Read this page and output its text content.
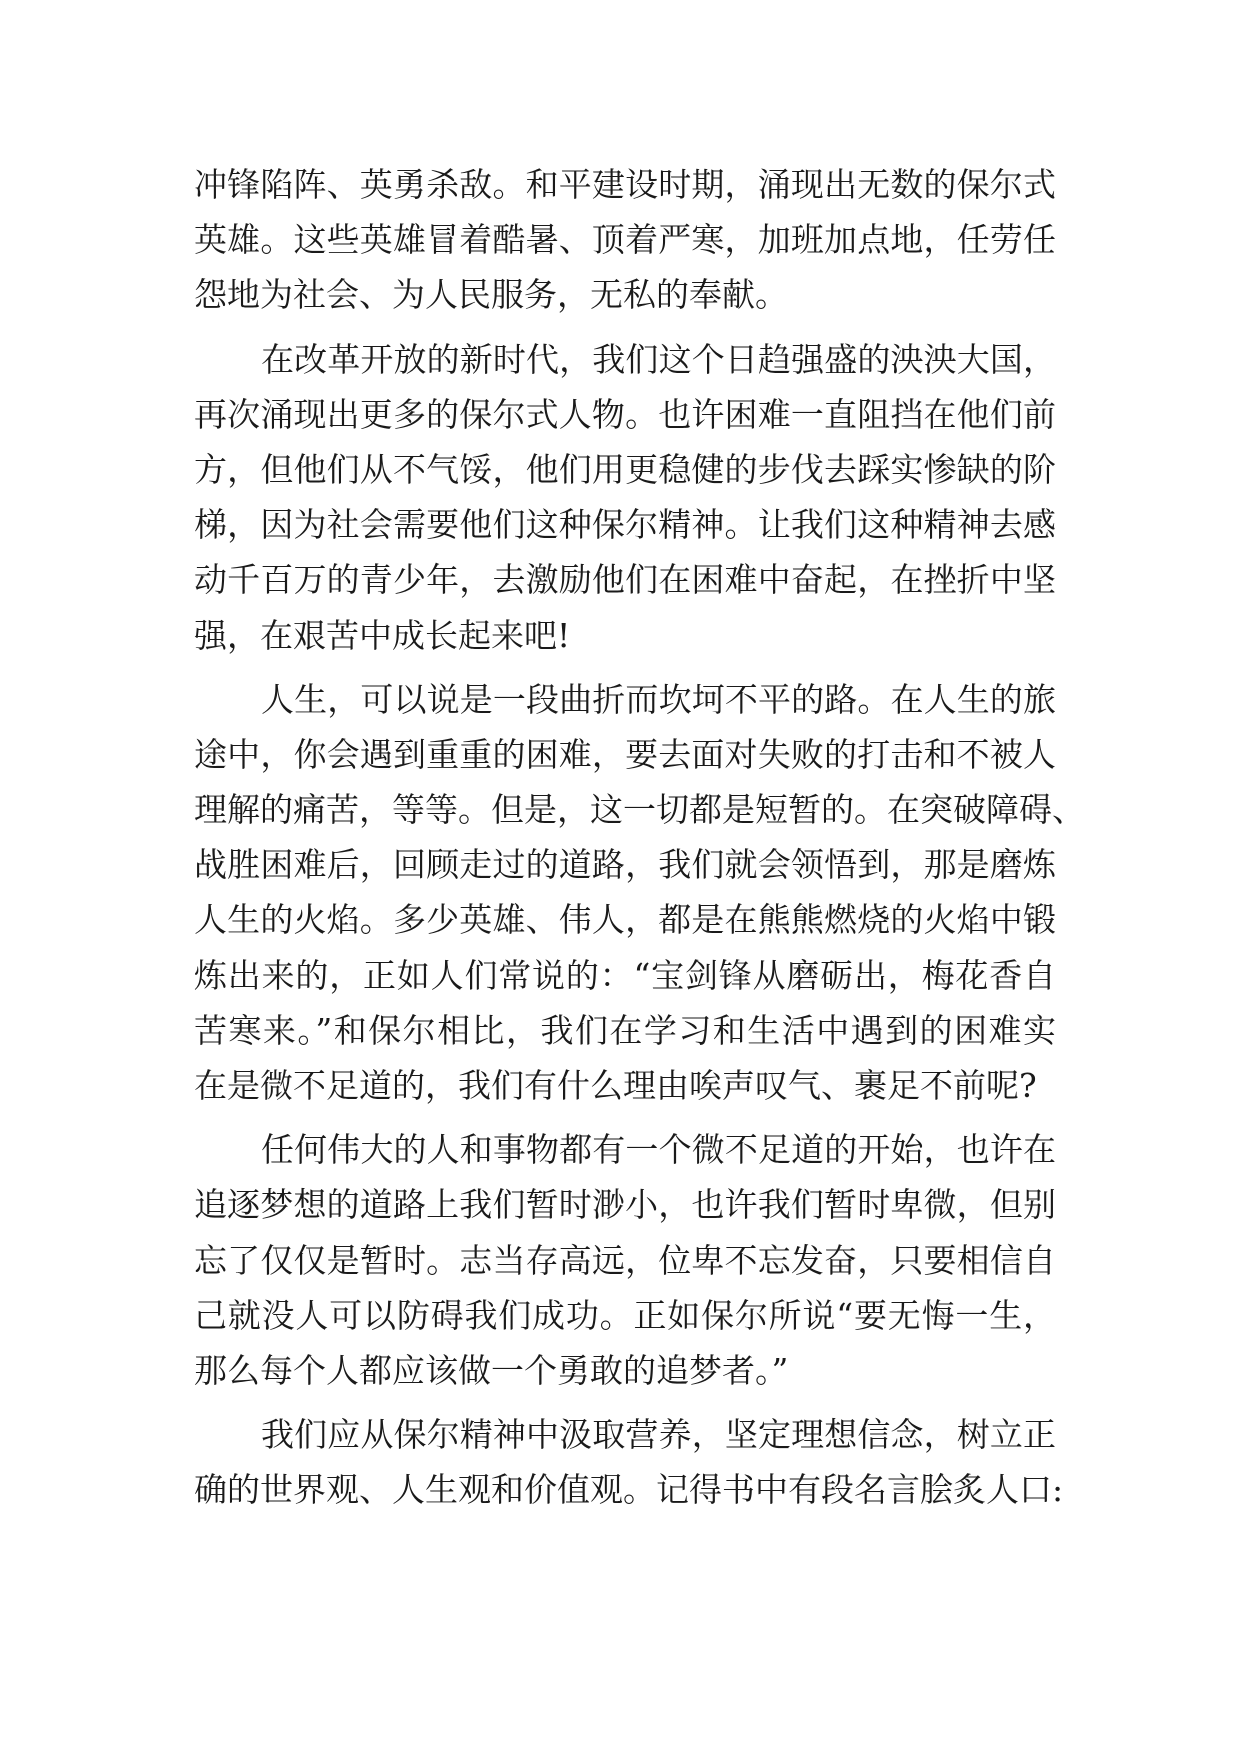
冲锋陷阵、英勇杀敌。和平建设时期，涌现出无数的保尔式
英雄。这些英雄冒着酷暑、顶着严寒，加班加点地，任劳任
怨地为社会、为人民服务，无私的奉献。
在改革开放的新时代，我们这个日趋强盛的泱泱大国，
再次涌现出更多的保尔式人物。也许困难一直阻挡在他们前
方，但他们从不气馁，他们用更稳健的步伐去踩实惨缺的阶
梯，因为社会需要他们这种保尔精神。让我们这种精神去感
动千百万的青少年，去激励他们在困难中奋起，在挫折中坚
强，在艰苦中成长起来吧!
人生，可以说是一段曲折而坎坷不平的路。在人生的旅
途中，你会遇到重重的困难，要去面对失败的打击和不被人
理解的痛苦，等等。但是，这一切都是短暂的。在突破障碍、
战胜困难后，回顾走过的道路，我们就会领悟到，那是磨炼
人生的火焰。多少英雄、伟人，都是在熊熊燃烧的火焰中锻
炼出来的，正如人们常说的：“宝剑锋从磨砺出，梅花香自
苦寒来。”和保尔相比，我们在学习和生活中遇到的困难实
在是微不足道的，我们有什么理由唉声叹气、裹足不前呢?
任何伟大的人和事物都有一个微不足道的开始，也许在
追逐梦想的道路上我们暂时渺小，也许我们暂时卑微，但别
忘了仅仅是暂时。志当存高远，位卑不忘发奋，只要相信自
己就没人可以防碍我们成功。正如保尔所说“要无悔一生，
那么每个人都应该做一个勇敢的追梦者。”
我们应从保尔精神中汲取营养，坚定理想信念，树立正
确的世界观、人生观和价值观。记得书中有段名言脍炙人口:
